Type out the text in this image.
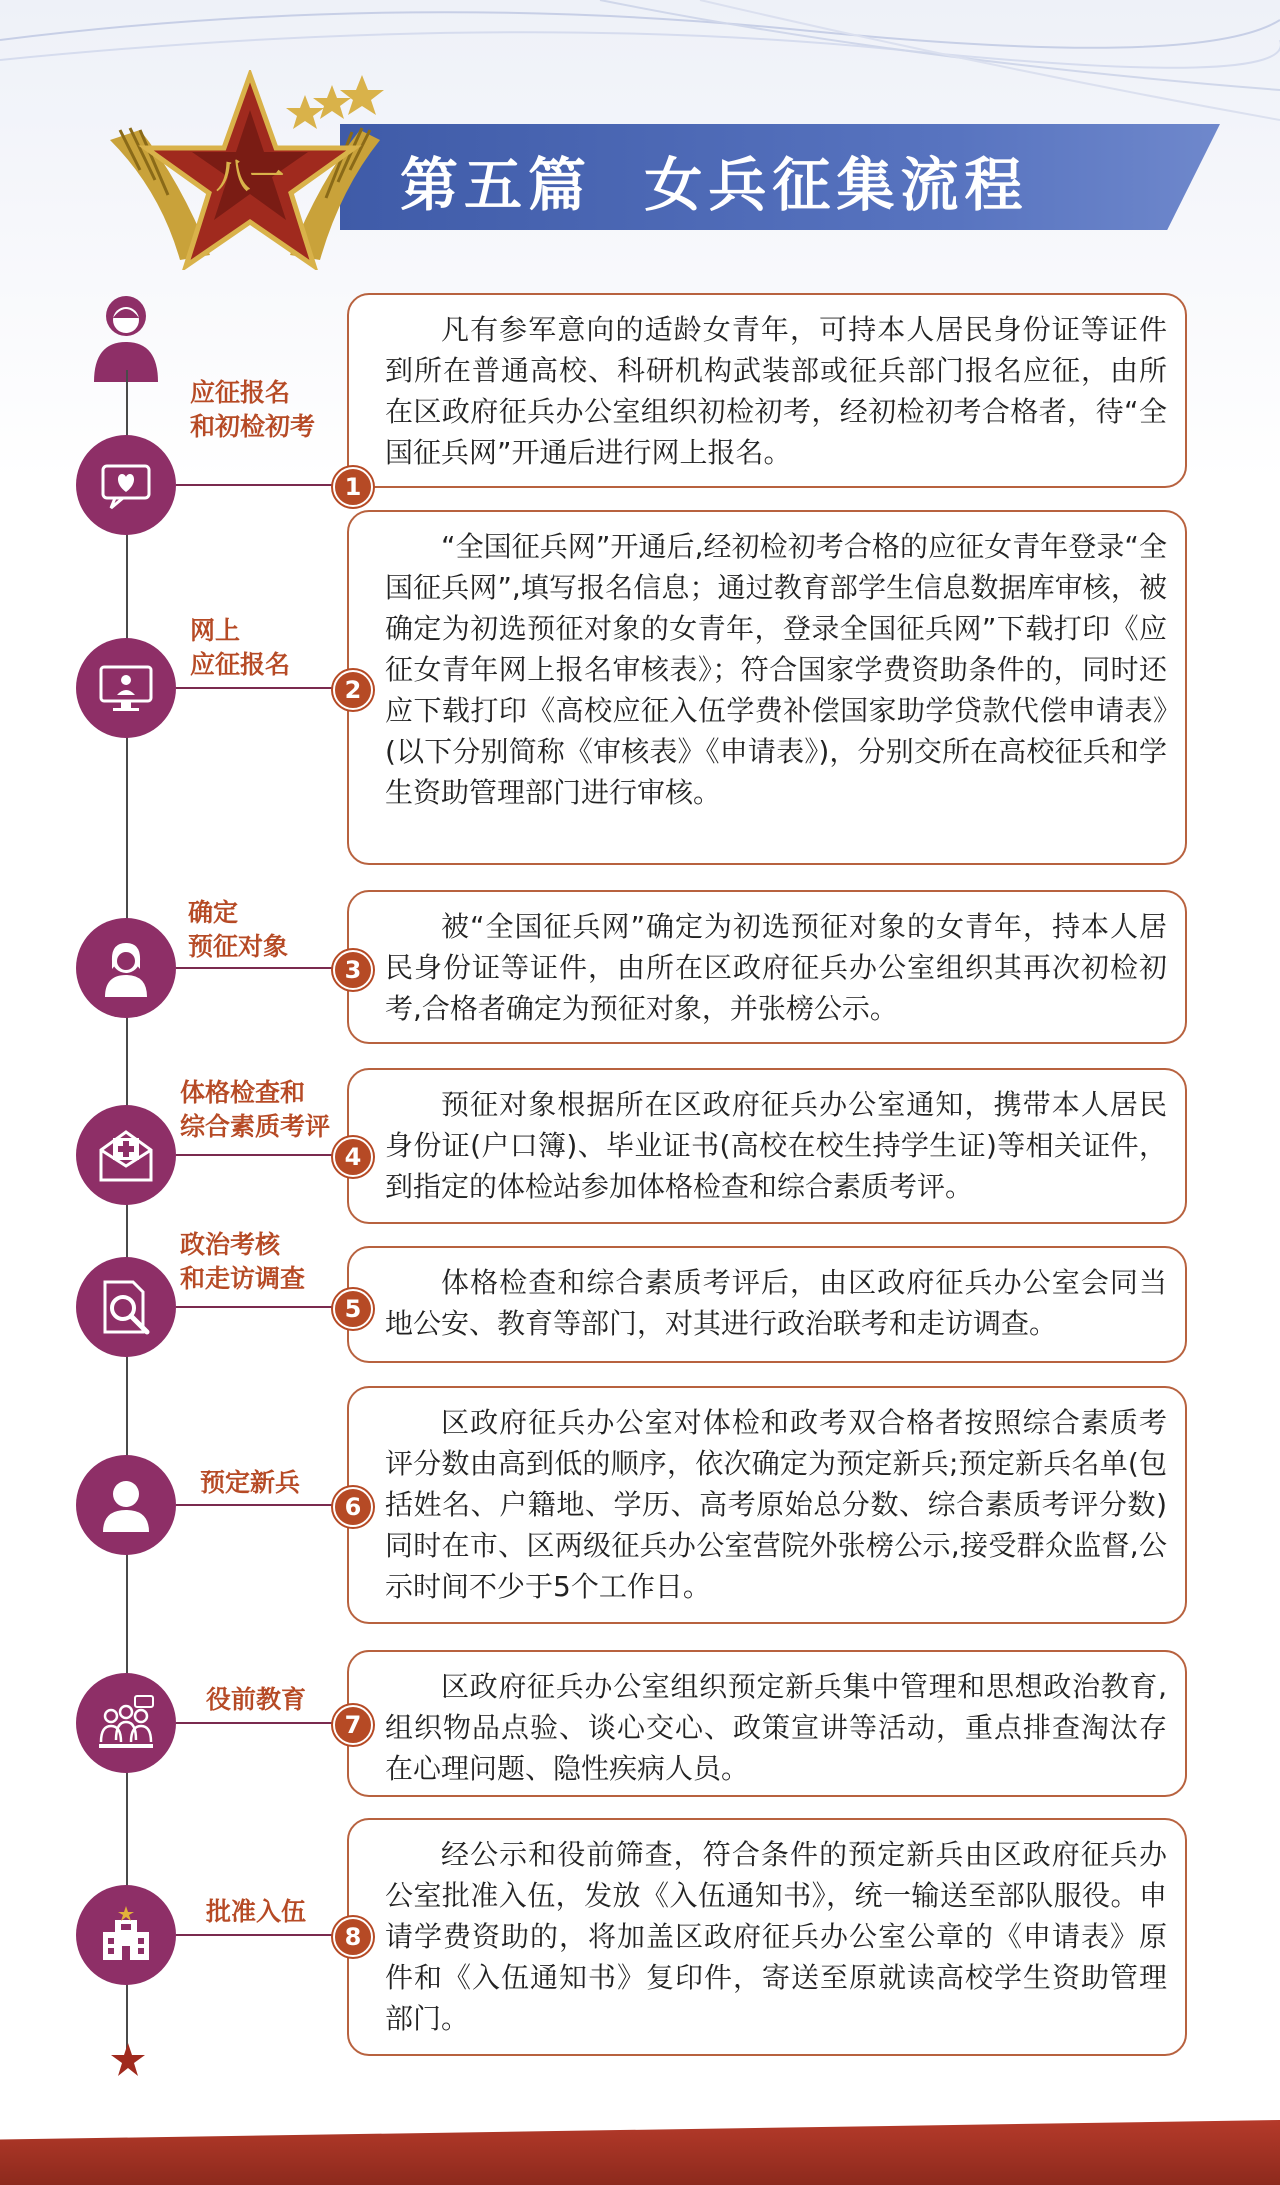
第五篇  女兵征集流程
八一
应征报名
和初检初考

凡有参军意向的适龄女青年，可持本人居民身份证等证件到所在普通高校、科研机构武装部或征兵部门报名应征，由所在区政府征兵办公室组织初检初考，经初检初考合格者，待“全国征兵网”开通后进行网上报名。

1
网上
应征报名

“全国征兵网”开通后,经初检初考合格的应征女青年登录“全国征兵网”,填写报名信息；通过教育部学生信息数据库审核，被确定为初选预征对象的女青年，登录全国征兵网”下载打印《应征女青年网上报名审核表》；符合国家学费资助条件的，同时还应下载打印《高校应征入伍学费补偿国家助学贷款代偿申请表》(以下分别简称《审核表》《申请表》)，分别交所在高校征兵和学生资助管理部门进行审核。

2
确定
预征对象

被“全国征兵网”确定为初选预征对象的女青年，持本人居民身份证等证件，由所在区政府征兵办公室组织其再次初检初考,合格者确定为预征对象，并张榜公示。

3
体格检查和
综合素质考评

预征对象根据所在区政府征兵办公室通知，携带本人居民身份证(户口簿)、毕业证书(高校在校生持学生证)等相关证件，到指定的体检站参加体格检查和综合素质考评。

4
政治考核
和走访调查	体格检查和综合素质考评后，由区政府征兵办公室会同当地公安、教育等部门，对其进行政治联考和走访调查。

5
预定新兵

区政府征兵办公室对体检和政考双合格者按照综合素质考评分数由高到低的顺序，依次确定为预定新兵;预定新兵名单(包括姓名、户籍地、学历、高考原始总分数、综合素质考评分数)同时在市、区两级征兵办公室营院外张榜公示,接受群众监督,公示时间不少于5个工作日。

6
役前教育	区政府征兵办公室组织预定新兵集中管理和思想政治教育,组织物品点验、谈心交心、政策宣讲等活动，重点排查淘汰存在心理问题、隐性疾病人员。

7
批准入伍

经公示和役前筛查，符合条件的预定新兵由区政府征兵办公室批准入伍，发放《入伍通知书》，统一输送至部队服役。申请学费资助的，将加盖区政府征兵办公室公章的《申请表》原件和《入伍通知书》复印件，寄送至原就读高校学生资助管理部门。

8
